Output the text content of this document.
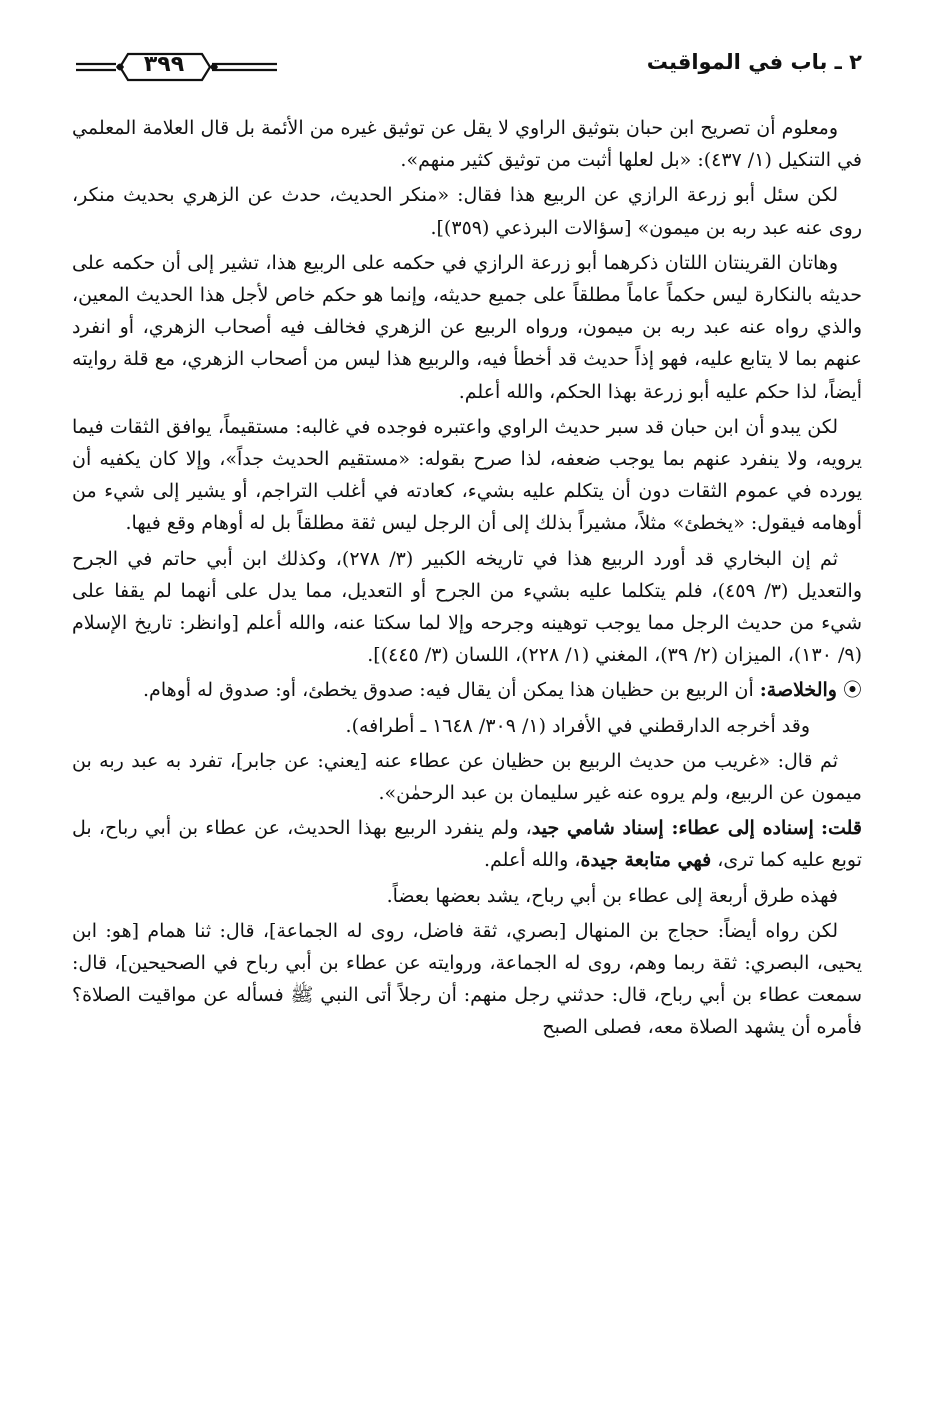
٢ ـ باب في المواقيت
٣٩٩

ومعلوم أن تصريح ابن حبان بتوثيق الراوي لا يقل عن توثيق غيره من الأئمة بل قال العلامة المعلمي في التنكيل (١/ ٤٣٧): «بل لعلها أثبت من توثيق كثير منهم».

لكن سئل أبو زرعة الرازي عن الربيع هذا فقال: «منكر الحديث، حدث عن الزهري بحديث منكر، روى عنه عبد ربه بن ميمون» [سؤالات البرذعي (٣٥٩)].

وهاتان القرينتان اللتان ذكرهما أبو زرعة الرازي في حكمه على الربيع هذا، تشير إلى أن حكمه على حديثه بالنكارة ليس حكماً عاماً مطلقاً على جميع حديثه، وإنما هو حكم خاص لأجل هذا الحديث المعين، والذي رواه عنه عبد ربه بن ميمون، ورواه الربيع عن الزهري فخالف فيه أصحاب الزهري، أو انفرد عنهم بما لا يتابع عليه، فهو إذاً حديث قد أخطأ فيه، والربيع هذا ليس من أصحاب الزهري، مع قلة روايته أيضاً، لذا حكم عليه أبو زرعة بهذا الحكم، والله أعلم.

لكن يبدو أن ابن حبان قد سبر حديث الراوي واعتبره فوجده في غالبه: مستقيماً، يوافق الثقات فيما يرويه، ولا ينفرد عنهم بما يوجب ضعفه، لذا صرح بقوله: «مستقيم الحديث جداً»، وإلا كان يكفيه أن يورده في عموم الثقات دون أن يتكلم عليه بشيء، كعادته في أغلب التراجم، أو يشير إلى شيء من أوهامه فيقول: «يخطئ» مثلاً، مشيراً بذلك إلى أن الرجل ليس ثقة مطلقاً بل له أوهام وقع فيها.

ثم إن البخاري قد أورد الربيع هذا في تاريخه الكبير (٣/ ٢٧٨)، وكذلك ابن أبي حاتم في الجرح والتعديل (٣/ ٤٥٩)، فلم يتكلما عليه بشيء من الجرح أو التعديل، مما يدل على أنهما لم يقفا على شيء من حديث الرجل مما يوجب توهينه وجرحه وإلا لما سكتا عنه، والله أعلم [وانظر: تاريخ الإسلام (٩/ ١٣٠)، الميزان (٢/ ٣٩)، المغني (١/ ٢٢٨)، اللسان (٣/ ٤٤٥)].

⦿ والخلاصة: أن الربيع بن حظيان هذا يمكن أن يقال فيه: صدوق يخطئ، أو: صدوق له أوهام.

وقد أخرجه الدارقطني في الأفراد (١/ ٣٠٩/ ١٦٤٨ ـ أطرافه).

ثم قال: «غريب من حديث الربيع بن حظيان عن عطاء عنه [يعني: عن جابر]، تفرد به عبد ربه بن ميمون عن الربيع، ولم يروه عنه غير سليمان بن عبد الرحمٰن».

قلت: إسناده إلى عطاء: إسناد شامي جيد، ولم ينفرد الربيع بهذا الحديث، عن عطاء بن أبي رباح، بل توبع عليه كما ترى، فهي متابعة جيدة، والله أعلم.

فهذه طرق أربعة إلى عطاء بن أبي رباح، يشد بعضها بعضاً.

لكن رواه أيضاً: حجاج بن المنهال [بصري، ثقة فاضل، روى له الجماعة]، قال: ثنا همام [هو: ابن يحيى، البصري: ثقة ربما وهم، روى له الجماعة، وروايته عن عطاء بن أبي رباح في الصحيحين]، قال: سمعت عطاء بن أبي رباح، قال: حدثني رجل منهم: أن رجلاً أتى النبي ﷺ فسأله عن مواقيت الصلاة؟ فأمره أن يشهد الصلاة معه، فصلى الصبح
